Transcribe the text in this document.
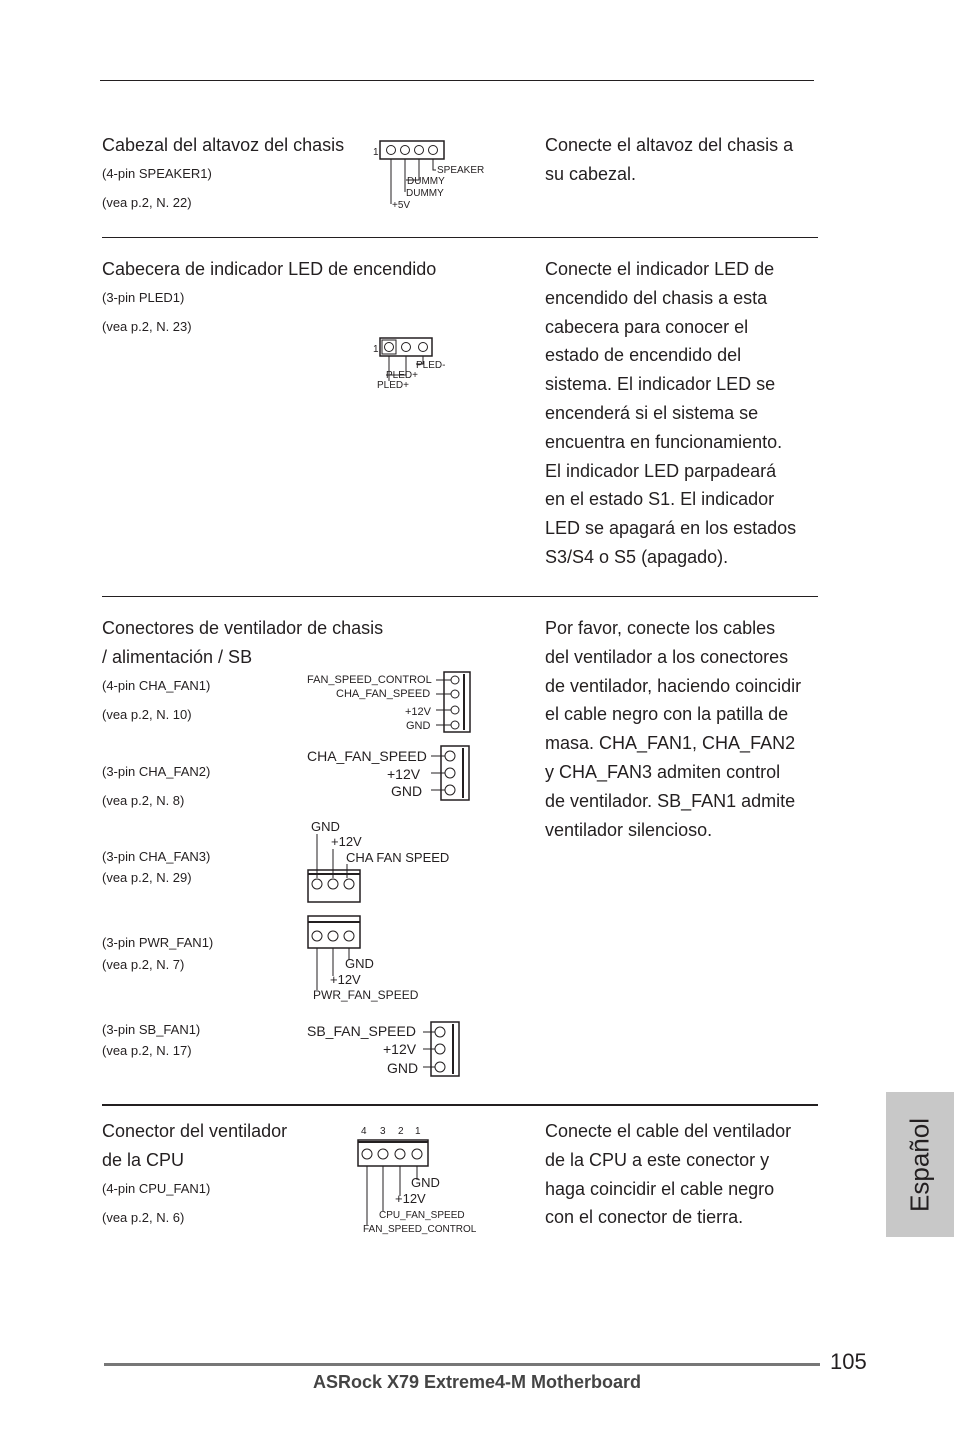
Cabezal del altavoz del chasis

(4-pin SPEAKER1)
(vea p.2, N. 22)

Conecte el altavoz del chasis a

su cabezal.

1
SPEAKER
DUMMY
DUMMY
+5V

Cabecera de indicador LED de encendido

(3-pin PLED1)
(vea p.2, N. 23)

Conecte el indicador LED de

encendido del chasis a esta

cabecera para conocer el

estado de encendido del

sistema. El indicador LED se

encenderá si el sistema se

encuentra en funcionamiento.

El indicador LED parpadeará

en el estado S1. El indicador

LED se apagará en los estados

S3/S4 o S5 (apagado).

1
PLED-
PLED+
PLED+

Conectores de ventilador de chasis

/ alimentación / SB

Por favor, conecte los cables

del ventilador a los conectores

de ventilador, haciendo coincidir

el cable negro con la patilla de

masa. CHA_FAN1, CHA_FAN2

y CHA_FAN3 admiten control

de ventilador. SB_FAN1 admite

ventilador silencioso.

(4-pin CHA_FAN1)
(vea p.2, N. 10)
FAN_SPEED_CONTROL
CHA_FAN_SPEED
+12V
GND
(3-pin CHA_FAN2)
(vea p.2, N. 8)
CHA_FAN_SPEED
+12V
GND
(3-pin CHA_FAN3)
(vea p.2, N. 29)
GND
+12V
CHA FAN SPEED
(3-pin PWR_FAN1)
(vea p.2, N. 7)	GND
+12V
PWR_FAN_SPEED
(3-pin SB_FAN1)
(vea p.2, N. 17)
SB_FAN_SPEED
+12V
GND

Conector del ventilador

de la CPU

(4-pin CPU_FAN1)
(vea p.2, N. 6)

Conecte el cable del ventilador

de la CPU a este conector y

haga coincidir el cable negro

con el conector de tierra.

4 3 2 1
GND
+12V
CPU_FAN_SPEED
FAN_SPEED_CONTROL
Español
105
ASRock X79 Extreme4-M Motherboard
